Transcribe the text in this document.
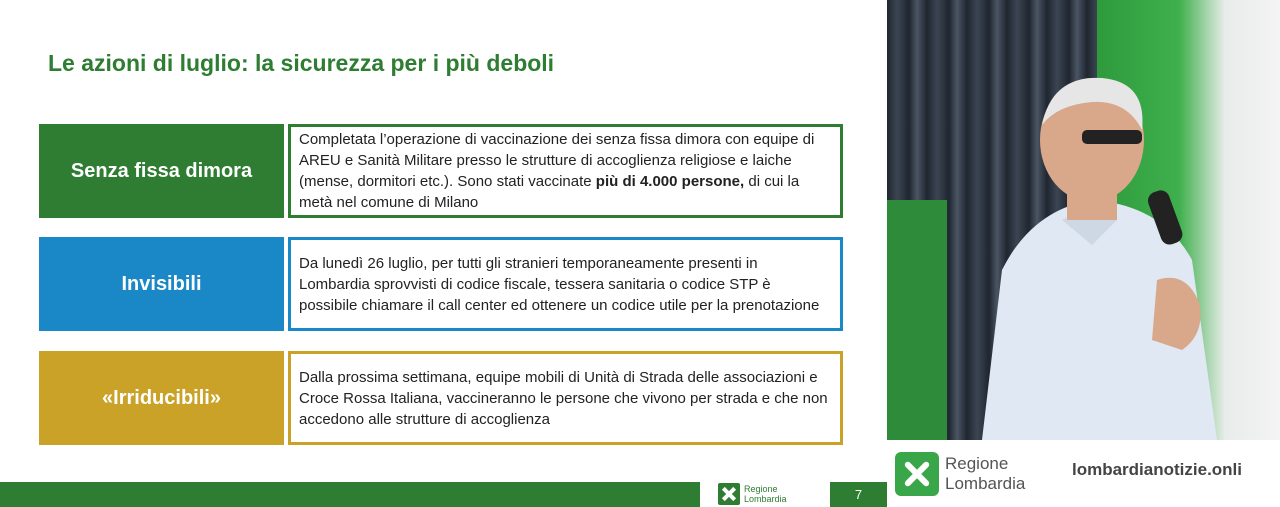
Le azioni di luglio: la sicurezza per i più deboli
Senza fissa dimora

Completata l’operazione di vaccinazione dei senza fissa dimora con equipe di AREU e Sanità Militare presso le strutture di accoglienza religiose e laiche (mense, dormitori etc.). Sono stati vaccinate più di 4.000 persone, di cui la metà nel comune di Milano

Invisibili

Da lunedì 26 luglio, per tutti gli stranieri temporaneamente presenti in Lombardia sprovvisti di codice fiscale, tessera sanitaria o codice STP è possibile chiamare il call center ed ottenere un codice utile per la prenotazione

«Irriducibili»

Dalla prossima settimana, equipe mobili di Unità di Strada delle associazioni e Croce Rossa Italiana, vaccineranno le persone che vivono per strada e che non accedono alle strutture di accoglienza

Regione
Lombardia	7
Regione
Lombardia
lombardianotizie.onli
